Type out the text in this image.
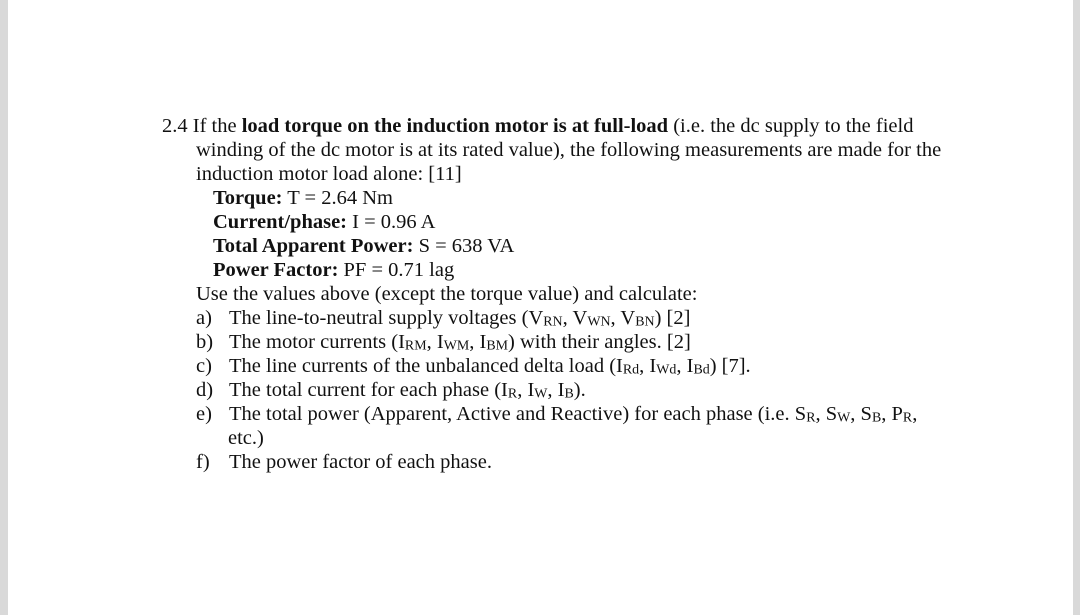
2.4 If the load torque on the induction motor is at full-load (i.e. the dc supply to the field
winding of the dc motor is at its rated value), the following measurements are made for the
induction motor load alone: [11]
Torque: T = 2.64 Nm
Current/phase: I = 0.96 A
Total Apparent Power: S = 638 VA
Power Factor: PF = 0.71 lag
Use the values above (except the torque value) and calculate:
a) The line-to-neutral supply voltages ($V_{RN}$, $V_{WN}$, $V_{BN}$) [2]
b) The motor currents ($I_{RM}$, $I_{WM}$, $I_{BM}$) with their angles. [2]
c) The line currents of the unbalanced delta load ($I_{Rd}$, $I_{Wd}$, $I_{Bd}$) [7].
d) The total current for each phase ($I_R$, $I_W$, $I_B$).
e) The total power (Apparent, Active and Reactive) for each phase (i.e. $S_R$, $S_W$, $S_B$, $P_R$,
etc.)
f) The power factor of each phase.
